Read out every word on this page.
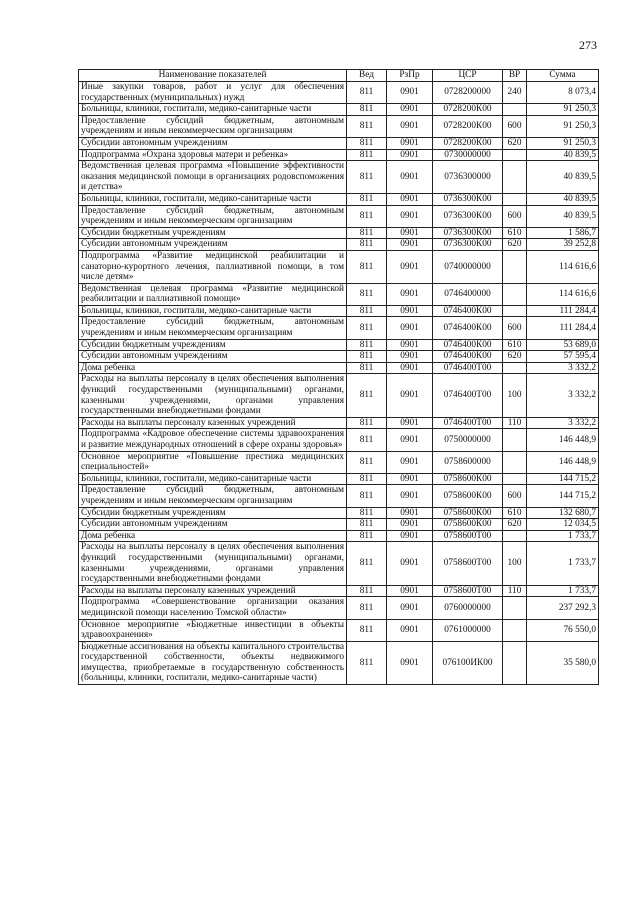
273
Наименование показателей	Вед	РзПр	ЦСР	ВР	Сумма
Иные закупки товаров, работ и услуг для обеспечения государственных (муниципальных) нужд	811	0901	0728200000	240	8 073,4
Больницы, клиники, госпитали, медико-санитарные части	811	0901	0728200К00		91 250,3
Предоставление субсидий бюджетным, автономным учреждениям и иным некоммерческим организациям	811	0901	0728200К00	600	91 250,3
Субсидии автономным учреждениям	811	0901	0728200К00	620	91 250,3
Подпрограмма «Охрана здоровья матери и ребенка»	811	0901	0730000000		40 839,5
Ведомственная целевая программа «Повышение эффективности оказания медицинской помощи в организациях родовспоможения и детства»	811	0901	0736300000		40 839,5
Больницы, клиники, госпитали, медико-санитарные части	811	0901	0736300К00		40 839,5
Предоставление субсидий бюджетным, автономным учреждениям и иным некоммерческим организациям	811	0901	0736300К00	600	40 839,5
Субсидии бюджетным учреждениям	811	0901	0736300К00	610	1 586,7
Субсидии автономным учреждениям	811	0901	0736300К00	620	39 252,8
Подпрограмма «Развитие медицинской реабилитации и санаторно-курортного лечения, паллиативной помощи, в том числе детям»	811	0901	0740000000		114 616,6
Ведомственная целевая программа «Развитие медицинской реабилитации и паллиативной помощи»	811	0901	0746400000		114 616,6
Больницы, клиники, госпитали, медико-санитарные части	811	0901	0746400К00		111 284,4
Предоставление субсидий бюджетным, автономным учреждениям и иным некоммерческим организациям	811	0901	0746400К00	600	111 284,4
Субсидии бюджетным учреждениям	811	0901	0746400К00	610	53 689,0
Субсидии автономным учреждениям	811	0901	0746400К00	620	57 595,4
Дома ребенка	811	0901	0746400Т00		3 332,2
Расходы на выплаты персоналу в целях обеспечения выполнения функций государственными (муниципальными) органами, казенными учреждениями, органами управления государственными внебюджетными фондами	811	0901	0746400Т00	100	3 332,2
Расходы на выплаты персоналу казенных учреждений	811	0901	0746400Т00	110	3 332,2
Подпрограмма «Кадровое обеспечение системы здравоохранения и развитие международных отношений в сфере охраны здоровья»	811	0901	0750000000		146 448,9
Основное мероприятие «Повышение престижа медицинских специальностей»	811	0901	0758600000		146 448,9
Больницы, клиники, госпитали, медико-санитарные части	811	0901	0758600К00		144 715,2
Предоставление субсидий бюджетным, автономным учреждениям и иным некоммерческим организациям	811	0901	0758600К00	600	144 715,2
Субсидии бюджетным учреждениям	811	0901	0758600К00	610	132 680,7
Субсидии автономным учреждениям	811	0901	0758600К00	620	12 034,5
Дома ребенка	811	0901	0758600Т00		1 733,7
Расходы на выплаты персоналу в целях обеспечения выполнения функций государственными (муниципальными) органами, казенными учреждениями, органами управления государственными внебюджетными фондами	811	0901	0758600Т00	100	1 733,7
Расходы на выплаты персоналу казенных учреждений	811	0901	0758600Т00	110	1 733,7
Подпрограмма «Совершенствование организации оказания медицинской помощи населению Томской области»	811	0901	0760000000		237 292,3
Основное мероприятие «Бюджетные инвестиции в объекты здравоохранения»	811	0901	0761000000		76 550,0
Бюджетные ассигнования на объекты капитального строительства государственной собственности, объекты недвижимого имущества, приобретаемые в государственную собственность (больницы, клиники, госпитали, медико-санитарные части)	811	0901	076100ИК00		35 580,0
